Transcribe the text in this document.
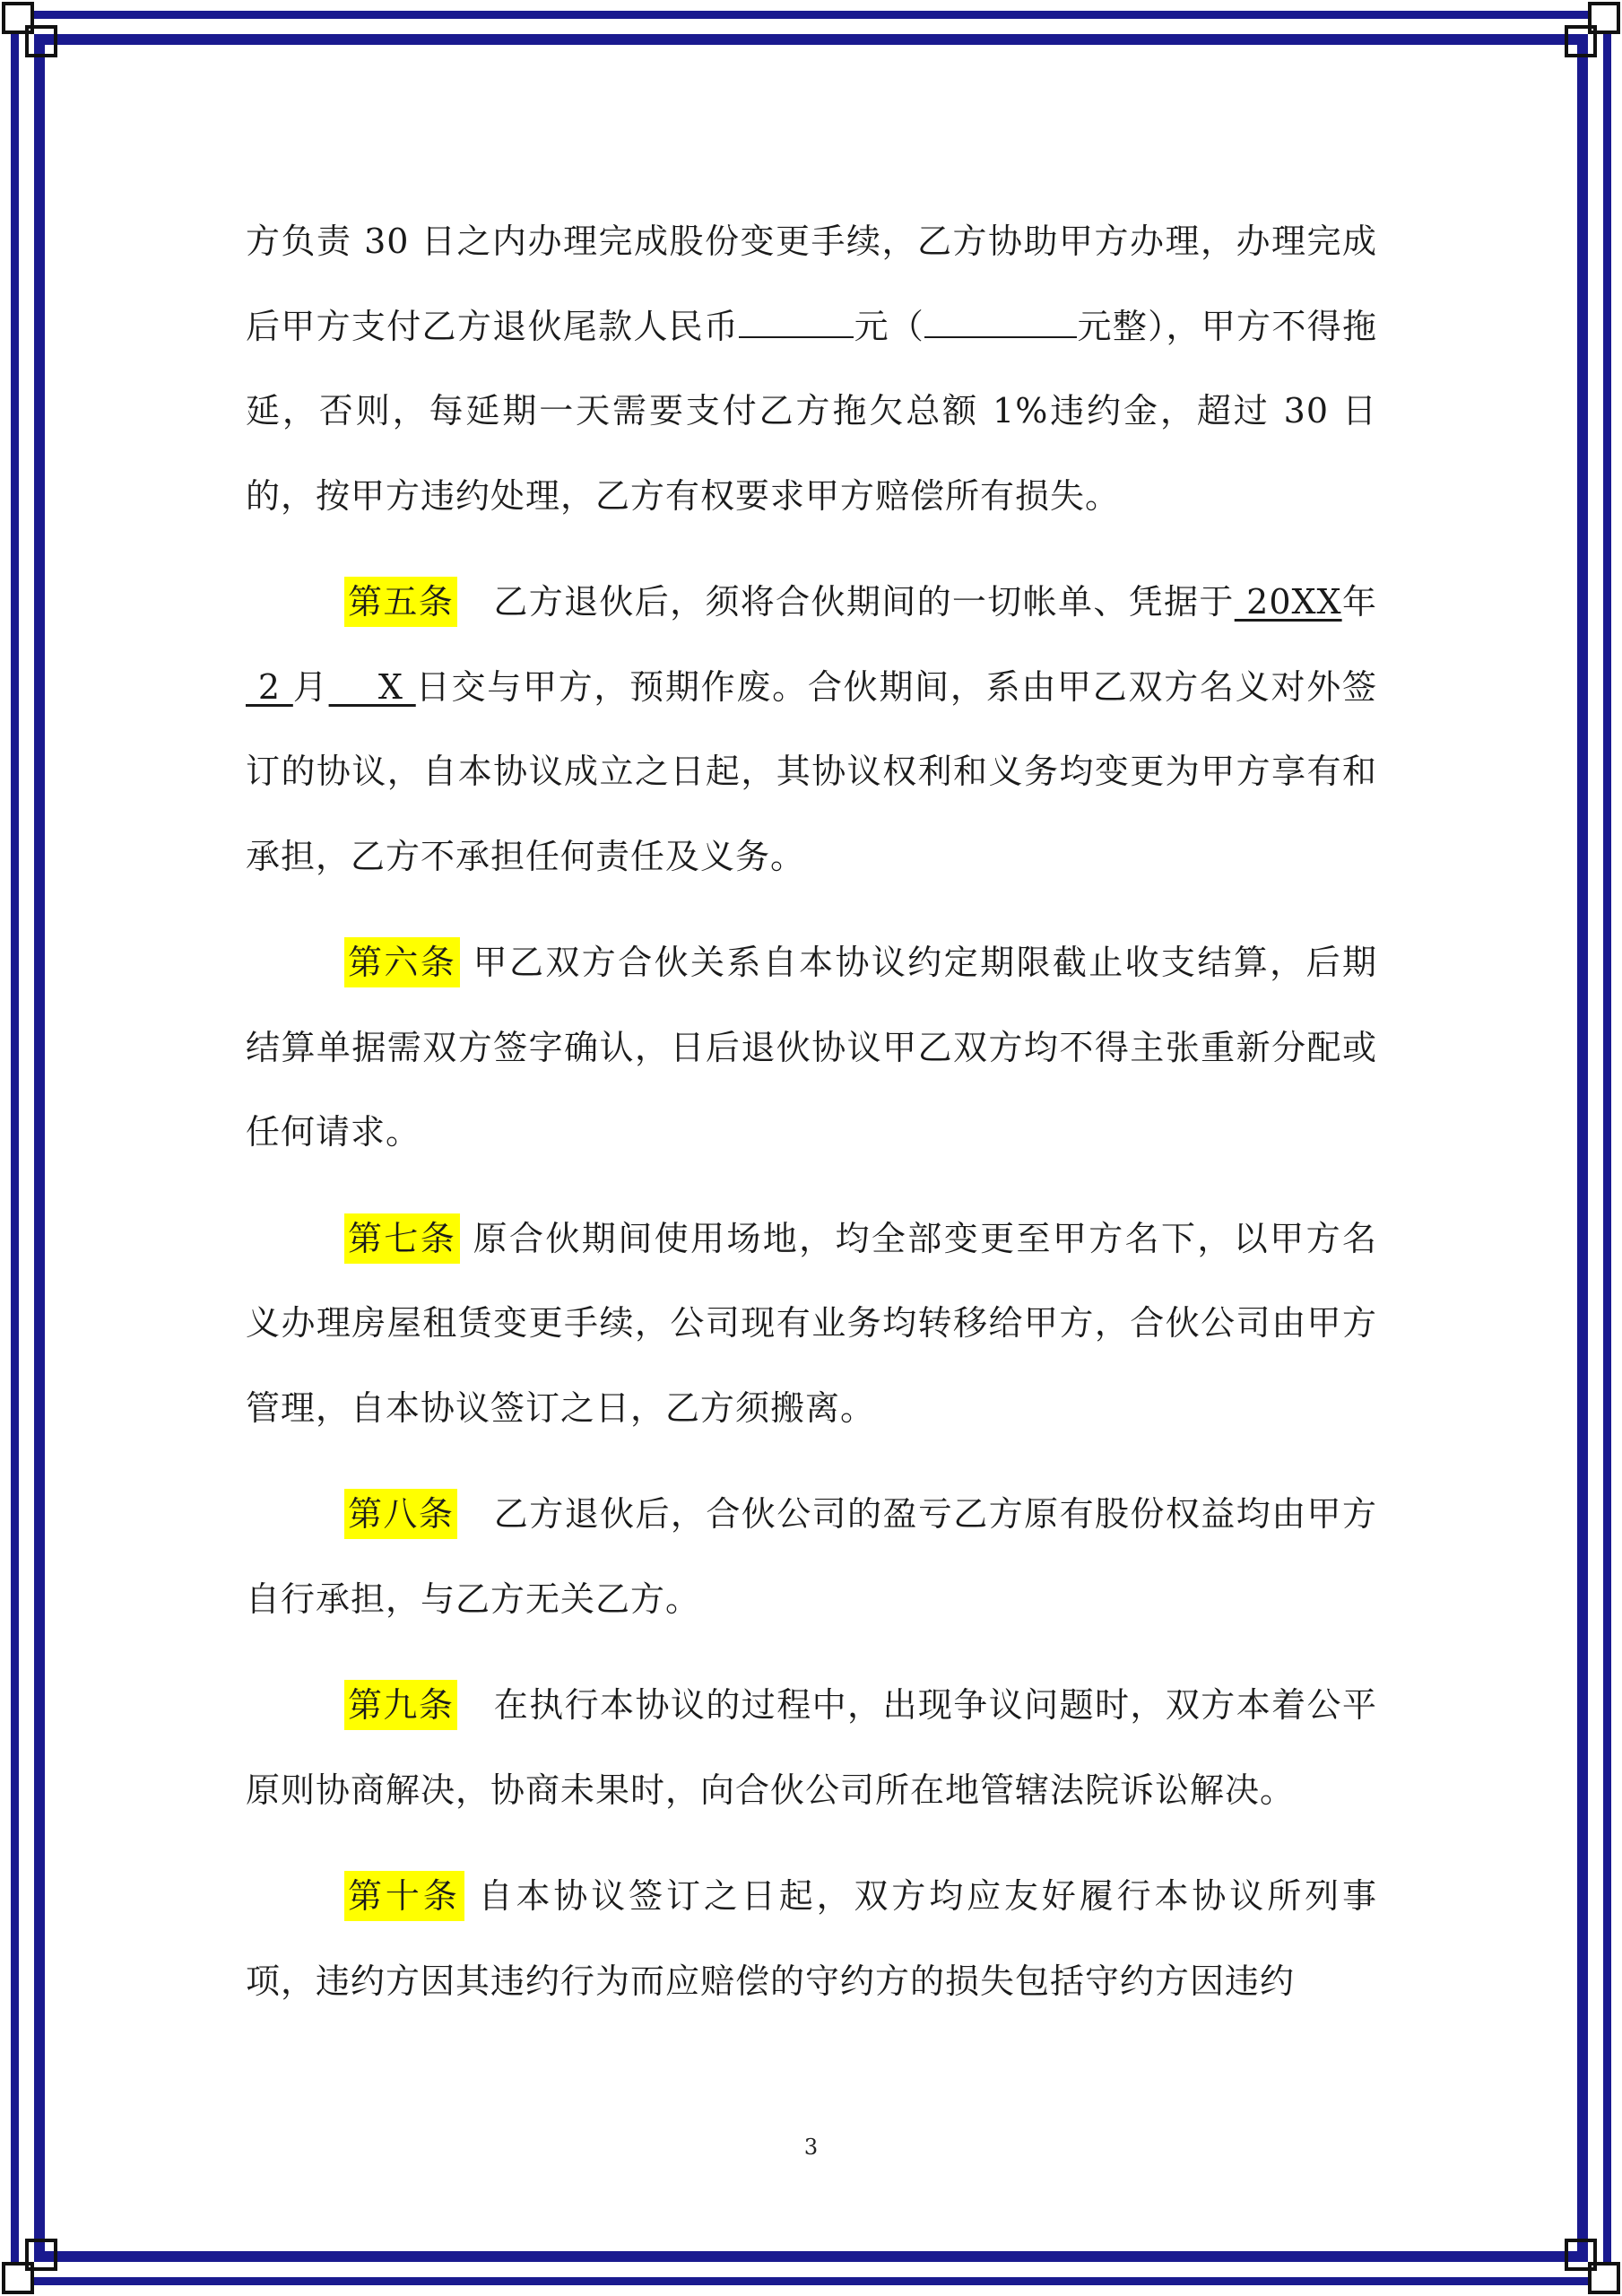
方负责 30 日之内办理完成股份变更手续，乙方协助甲方办理，办理完成后甲方支付乙方退伙尾款人民币	元（	元整），甲方不得拖延，否则，每延期一天需要支付乙方拖欠总额 1%违约金，超过 30 日的，按甲方违约处理，乙方有权要求甲方赔偿所有损失。

第五条 乙方退伙后，须将合伙期间的一切帐单、凭据于 20XX年 2 月    X 日交与甲方，预期作废。合伙期间，系由甲乙双方名义对外签订的协议，自本协议成立之日起，其协议权利和义务均变更为甲方享有和承担，乙方不承担任何责任及义务。

第六条 甲乙双方合伙关系自本协议约定期限截止收支结算，后期结算单据需双方签字确认，日后退伙协议甲乙双方均不得主张重新分配或任何请求。

第七条 原合伙期间使用场地，均全部变更至甲方名下，以甲方名义办理房屋租赁变更手续，公司现有业务均转移给甲方，合伙公司由甲方管理，自本协议签订之日，乙方须搬离。

第八条 乙方退伙后，合伙公司的盈亏乙方原有股份权益均由甲方自行承担，与乙方无关乙方。

第九条 在执行本协议的过程中，出现争议问题时，双方本着公平原则协商解决，协商未果时，向合伙公司所在地管辖法院诉讼解决。

第十条 自本协议签订之日起，双方均应友好履行本协议所列事项，违约方因其违约行为而应赔偿的守约方的损失包括守约方因违约

3
